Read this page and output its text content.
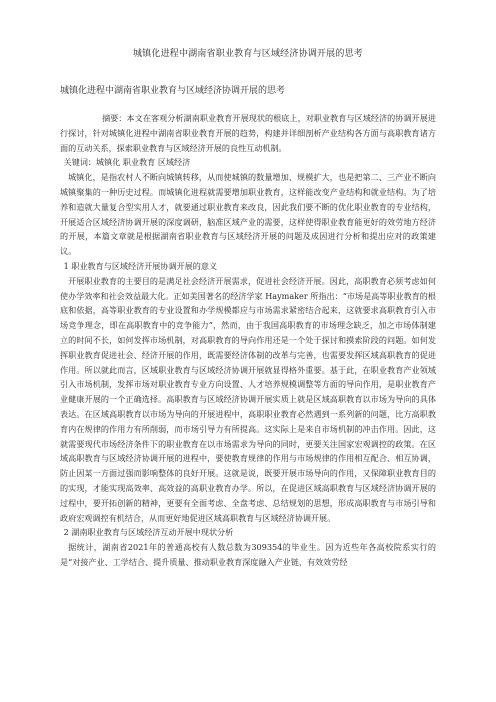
城镇化进程中湖南省职业教育与区域经济协调开展的思考
城镇化进程中湖南省职业教育与区域经济协调开展的思考

摘要：本文在客观分析湖南职业教育开展现状的根底上，对职业教育与区域经济的协调开展进行探讨，针对城镇化进程中湖南省职业教育开展的趋势，构建并详细剖析产业结构各方面与高职教育诸方面的互动关系，探索职业教育与区域经济开展的良性互动机制。

关键词：城镇化 职业教育 区域经济

城镇化，是指农村人不断向城镇转移，从而使城镇的数量增加、规模扩大，也是把第二、三产业不断向城镇聚集的一种历史过程。而城镇化进程就需要增加职业教育，这样能改变产业结构和就业结构。为了培养和造就大量复合型实用人才，就要通过职业教育来改良，因此我们要不断的优化职业教育的专业结构，开展适合区域经济协调开展的深度调研，脑准区域产业的需要，这样使得职业教育能更好的效劳地方经济的开展，本篇文章就是根据湖南省职业教育与区域经济开展的问题及成因进行分析和提出应对的政策建议。

1 职业教育与区域经济开展协调开展的意义

开展职业教育的主要目的是满足社会经济开展需求，促进社会经济开展。因此，高职教育必须考虑如何使办学效率和社会效益最大化。正如美国著名的经济学家 Haymaker 所指出：“市场是高等职业教育的根底和依据，高等职业教育的专业设置和办学规模都应与市场需求紧密结合起来，这就要求高职教育引入市场竞争理念，即在高职教育中的竞争能力”，然而，由于我国高职教育的市场理念缺乏，加之市场体制建立的时间不长，如何发挥市场机制，对高职教育的导向作用还是一个处于探讨和摸索阶段的问题。如何发挥职业教育促进社会、经济开展的作用，既需要经济体制的改革与完善，也需要发挥区域高职教育的促进作用。所以就此而言，区域职业教育与区域经济协调开展就显得格外重要。基于此，在职业教育产业领域引入市场机制，发挥市场对职业教育专业方向设置、人才培养规模调整等方面的导向作用，是职业教育产业健康开展的一个正确选择。高职教育与区域经济协调开展实质上就是区域高职教育以市场为导向的具体表达。在区域高职教育以市场为导向的开展进程中，高职职业教育必然遇到一系列新的问题，比方高职教育内在规律的作用力有所削弱，而市场引导力有所提高。这实际上是来自市场机制的冲击作用。因此，这就需要现代市场经济条件下的职业教育在以市场需求为导向的同时，更要关注国家宏观调控的政策。在区域高职教育与区域经济协调开展的进程中，要使教育规律的作用与市场规律的作用相互配合、相互协调，防止因某一方面过强而影响整体的良好开展。这就是说，既要开展市场导向的作用，又保障职业教育目的的实现，才能实现高效率、高效益的高职业教育办学。所以，在促进区域高职教育与区域经济协调开展的过程中，要开拓创新的精神，更要有全面考虑、全盘考虑、总结规划的思想，形成高职教育与市场引导和政府宏观调控有机结合，从而更好地促进区域高职教育与区域经济协调开展。

2 湖南职业教育与区域经济互动开展中现状分析

据统计，湖南省2021年的普通高校有人数总数为309354的毕业生。因为近些年各高校院系实行的是“对接产业、工学结合、提升质量、推动职业教育深度融入产业链，有效效劳经
